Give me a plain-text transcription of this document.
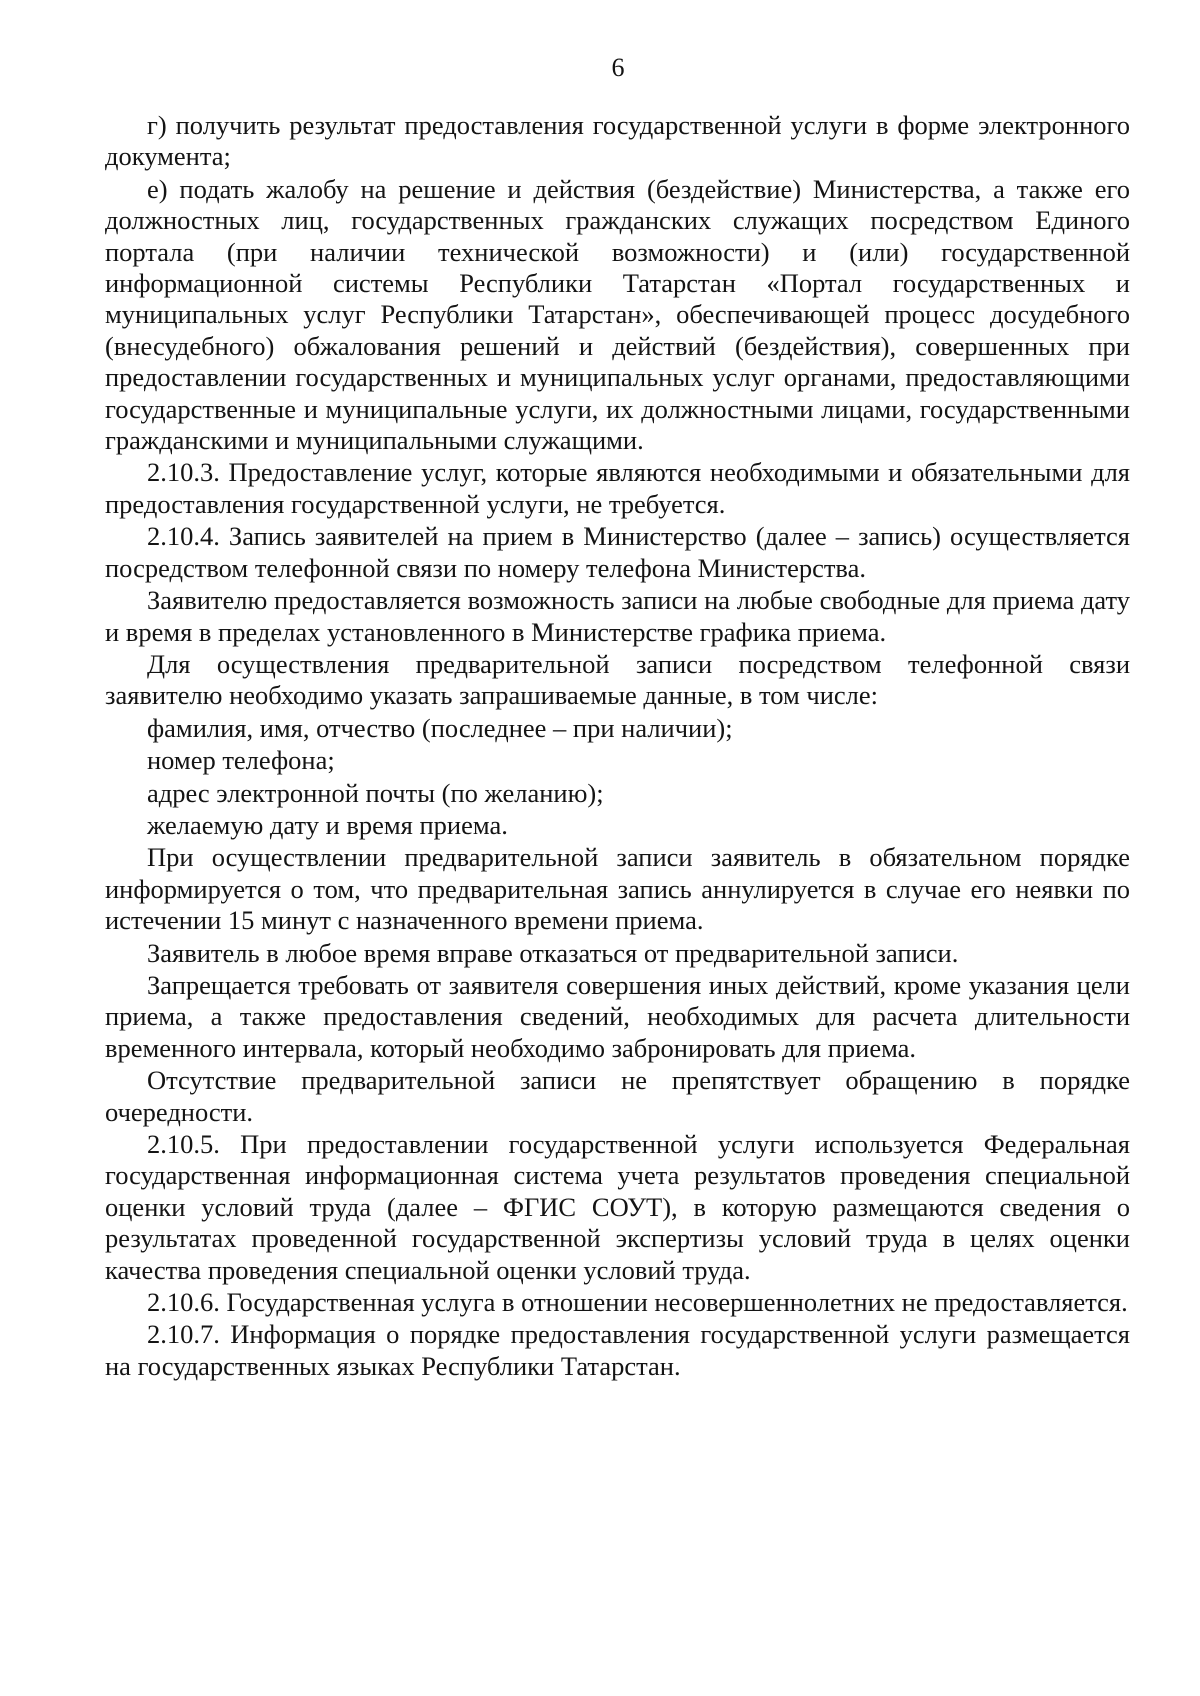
6

г) получить результат предоставления государственной услуги в форме электронного документа;

е) подать жалобу на решение и действия (бездействие) Министерства, а также его должностных лиц, государственных гражданских служащих посредством Единого портала (при наличии технической возможности) и (или) государственной информационной системы Республики Татарстан «Портал государственных и муниципальных услуг Республики Татарстан», обеспечивающей процесс досудебного (внесудебного) обжалования решений и действий (бездействия), совершенных при предоставлении государственных и муниципальных услуг органами, предоставляющими государственные и муниципальные услуги, их должностными лицами, государственными гражданскими и муниципальными служащими.

2.10.3. Предоставление услуг, которые являются необходимыми и обязательными для предоставления государственной услуги, не требуется.

2.10.4. Запись заявителей на прием в Министерство (далее – запись) осуществляется посредством телефонной связи по номеру телефона Министерства.

Заявителю предоставляется возможность записи на любые свободные для приема дату и время в пределах установленного в Министерстве графика приема.

Для осуществления предварительной записи посредством телефонной связи заявителю необходимо указать запрашиваемые данные, в том числе:

фамилия, имя, отчество (последнее – при наличии);

номер телефона;

адрес электронной почты (по желанию);

желаемую дату и время приема.

При осуществлении предварительной записи заявитель в обязательном порядке информируется о том, что предварительная запись аннулируется в случае его неявки по истечении 15 минут с назначенного времени приема.

Заявитель в любое время вправе отказаться от предварительной записи.

Запрещается требовать от заявителя совершения иных действий, кроме указания цели приема, а также предоставления сведений, необходимых для расчета длительности временного интервала, который необходимо забронировать для приема.

Отсутствие предварительной записи не препятствует обращению в порядке очередности.

2.10.5. При предоставлении государственной услуги используется Федеральная государственная информационная система учета результатов проведения специальной оценки условий труда (далее – ФГИС СОУТ), в которую размещаются сведения о результатах проведенной государственной экспертизы условий труда в целях оценки качества проведения специальной оценки условий труда.

2.10.6. Государственная услуга в отношении несовершеннолетних не предоставляется.

2.10.7. Информация о порядке предоставления государственной услуги размещается на государственных языках Республики Татарстан.
